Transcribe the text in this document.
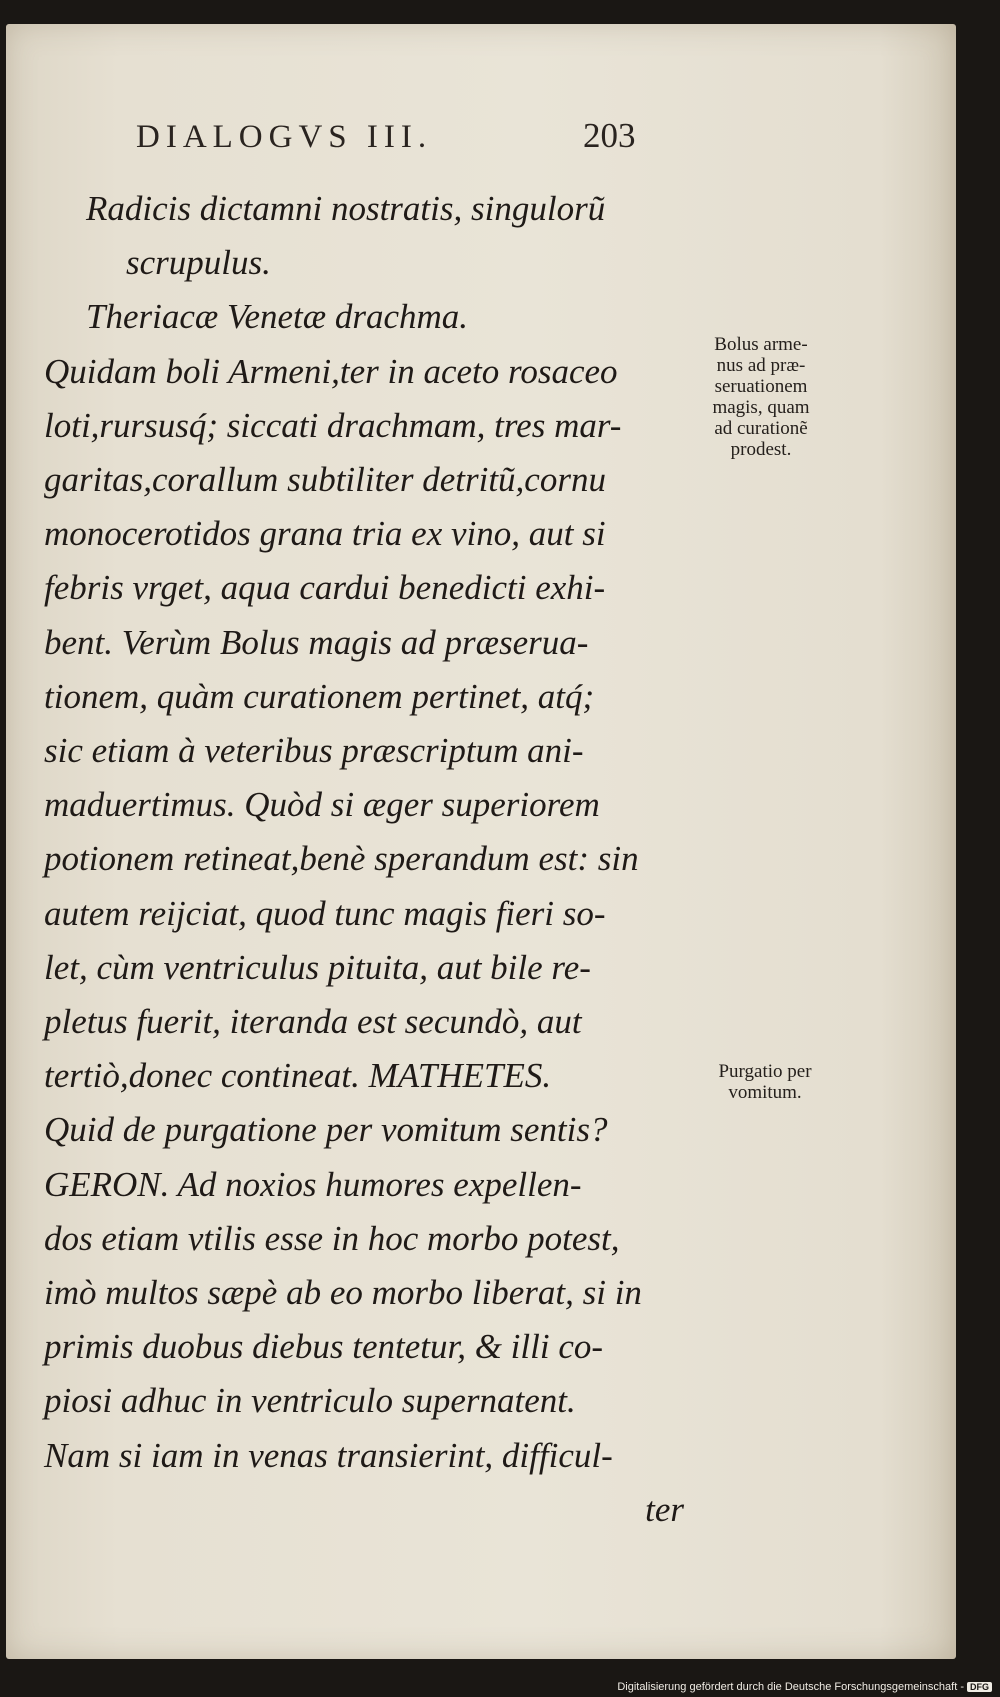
DIALOGVS III.	203
Radicis dictamni nostratis, singulorũ
scrupulus.
Theriacæ Venetæ drachma.
Quidam boli Armeni,ter in aceto rosaceo
loti,rursusq́; siccati drachmam, tres mar-
garitas,corallum subtiliter detritũ,cornu
monocerotidos grana tria ex vino, aut si
febris vrget, aqua cardui benedicti exhi-
bent. Verùm Bolus magis ad præserua-
tionem, quàm curationem pertinet, atq́;
sic etiam à veteribus præscriptum ani-
maduertimus. Quòd si æger superiorem
potionem retineat,benè sperandum est: sin
autem reijciat, quod tunc magis fieri so-
let, cùm ventriculus pituita, aut bile re-
pletus fuerit, iteranda est secundò, aut
tertiò,donec contineat. MATHETES.
Quid de purgatione per vomitum sentis?
GERON. Ad noxios humores expellen-
dos etiam vtilis esse in hoc morbo potest,
imò multos sæpè ab eo morbo liberat, si in
primis duobus diebus tentetur, & illi co-
piosi adhuc in ventriculo supernatent.
Nam si iam in venas transierint, difficul-
ter
Bolus arme-
nus ad præ-
seruationem
magis, quam
ad curationẽ
prodest.
Purgatio per
vomitum.
Digitalisierung gefördert durch die Deutsche Forschungsgemeinschaft - DFG
